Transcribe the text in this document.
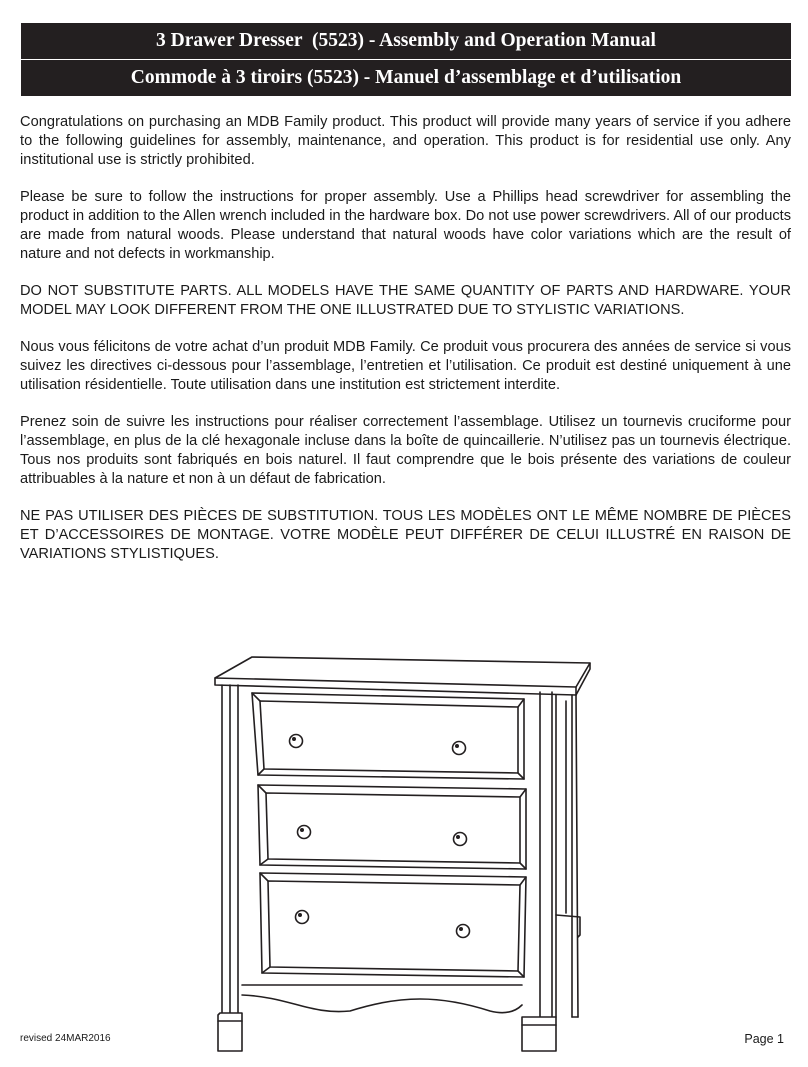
3 Drawer Dresser  (5523) - Assembly and Operation Manual
Commode à 3 tiroirs (5523) - Manuel d’assemblage et d’utilisation

Congratulations on purchasing an MDB Family product. This product will provide many years of service if you adhere to the following guidelines for assembly, maintenance, and operation. This product is for residential use only. Any institutional use is strictly prohibited.

Please be sure to follow the instructions for proper assembly. Use a Phillips head screwdriver for assembling the product in addition to the Allen wrench included in the hardware box. Do not use power screwdrivers. All of our products are made from natural woods. Please understand that natural woods have color variations which are the result of nature and not defects in workmanship.

DO NOT SUBSTITUTE PARTS. ALL MODELS HAVE THE SAME QUANTITY OF PARTS AND HARDWARE. YOUR MODEL MAY LOOK DIFFERENT FROM THE ONE ILLUSTRATED DUE TO STYLISTIC VARIATIONS.

Nous vous félicitons de votre achat d’un produit MDB Family. Ce produit vous procurera des années de service si vous suivez les directives ci-dessous pour l’assemblage, l’entretien et l’utilisation. Ce produit est destiné uniquement à une utilisation résidentielle. Toute utilisation dans une institution est strictement interdite.

Prenez soin de suivre les instructions pour réaliser correctement l’assemblage. Utilisez un tournevis cruciforme pour l’assemblage, en plus de la clé hexagonale incluse dans la boîte de quincaillerie. N’utilisez pas un tournevis électrique. Tous nos produits sont fabriqués en bois naturel. Il faut comprendre que le bois présente des variations de couleur attribuables à la nature et non à un défaut de fabrication.

NE PAS UTILISER DES PIÈCES DE SUBSTITUTION. TOUS LES MODÈLES ONT LE MÊME NOMBRE DE PIÈCES ET D’ACCESSOIRES DE MONTAGE. VOTRE MODÈLE PEUT DIFFÉRER DE CELUI ILLUSTRÉ EN RAISON DE VARIATIONS STYLISTIQUES.

revised 24MAR2016	Page 1
